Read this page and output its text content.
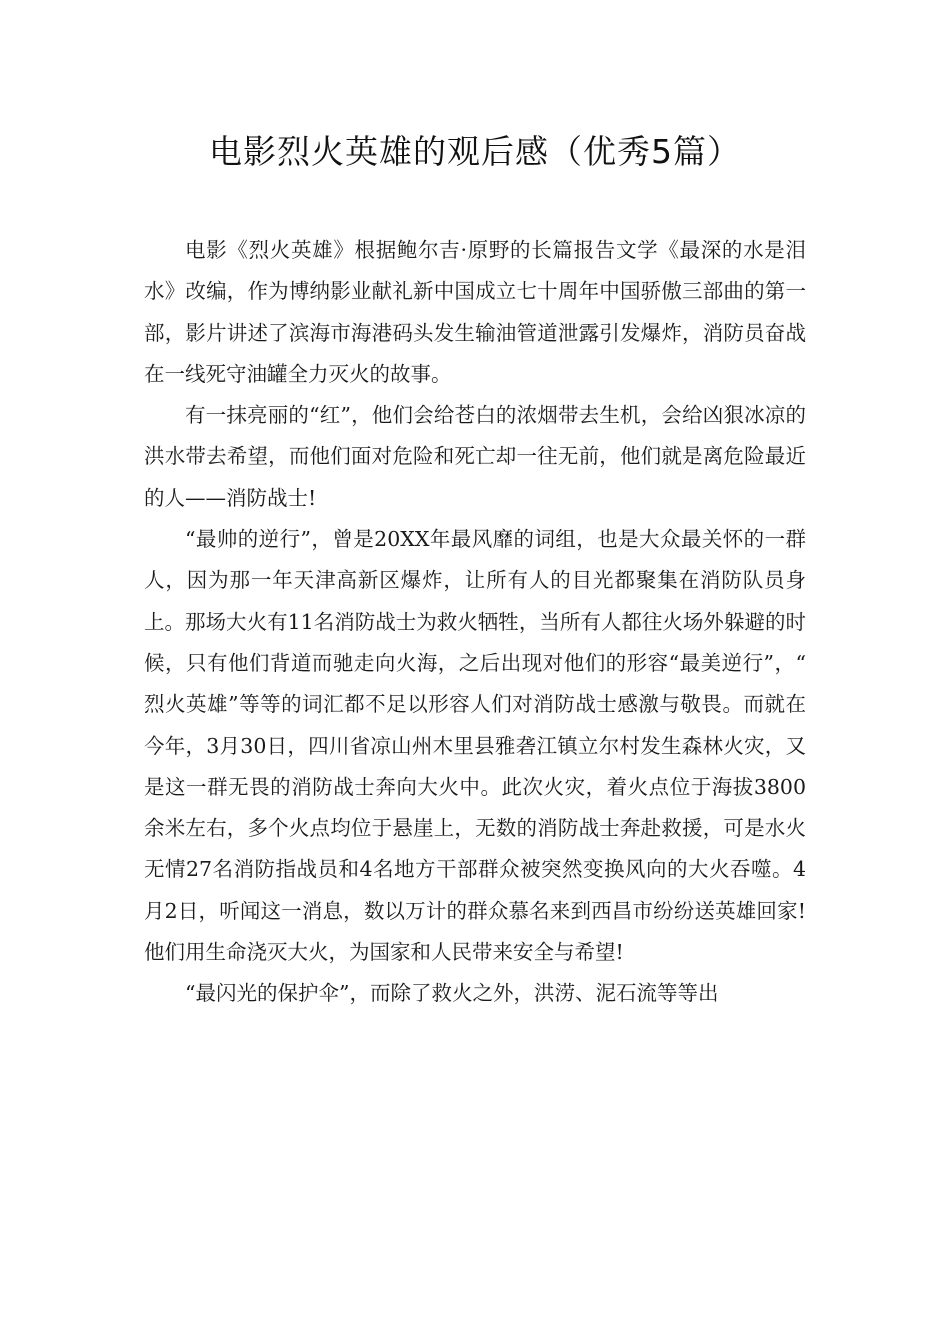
电影烈火英雄的观后感（优秀5篇）

电影《烈火英雄》根据鲍尔吉·原野的长篇报告文学《最深的水是泪水》改编，作为博纳影业献礼新中国成立七十周年中国骄傲三部曲的第一部，影片讲述了滨海市海港码头发生输油管道泄露引发爆炸，消防员奋战在一线死守油罐全力灭火的故事。

有一抹亮丽的“红”，他们会给苍白的浓烟带去生机，会给凶狠冰凉的洪水带去希望，而他们面对危险和死亡却一往无前，他们就是离危险最近的人——消防战士!

“最帅的逆行”，曾是20XX年最风靡的词组，也是大众最关怀的一群人，因为那一年天津高新区爆炸，让所有人的目光都聚集在消防队员身上。那场大火有11名消防战士为救火牺牲，当所有人都往火场外躲避的时候，只有他们背道而驰走向火海，之后出现对他们的形容“最美逆行”，“ 烈火英雄”等等的词汇都不足以形容人们对消防战士感激与敬畏。而就在今年，3月30日，四川省凉山州木里县雅砻江镇立尔村发生森林火灾，又是这一群无畏的消防战士奔向大火中。此次火灾，着火点位于海拔3800余米左右，多个火点均位于悬崖上，无数的消防战士奔赴救援，可是水火无情27名消防指战员和4名地方干部群众被突然变换风向的大火吞噬。4月2日，听闻这一消息，数以万计的群众慕名来到西昌市纷纷送英雄回家!他们用生命浇灭大火，为国家和人民带来安全与希望!

“最闪光的保护伞”，而除了救火之外，洪涝、泥石流等等出
